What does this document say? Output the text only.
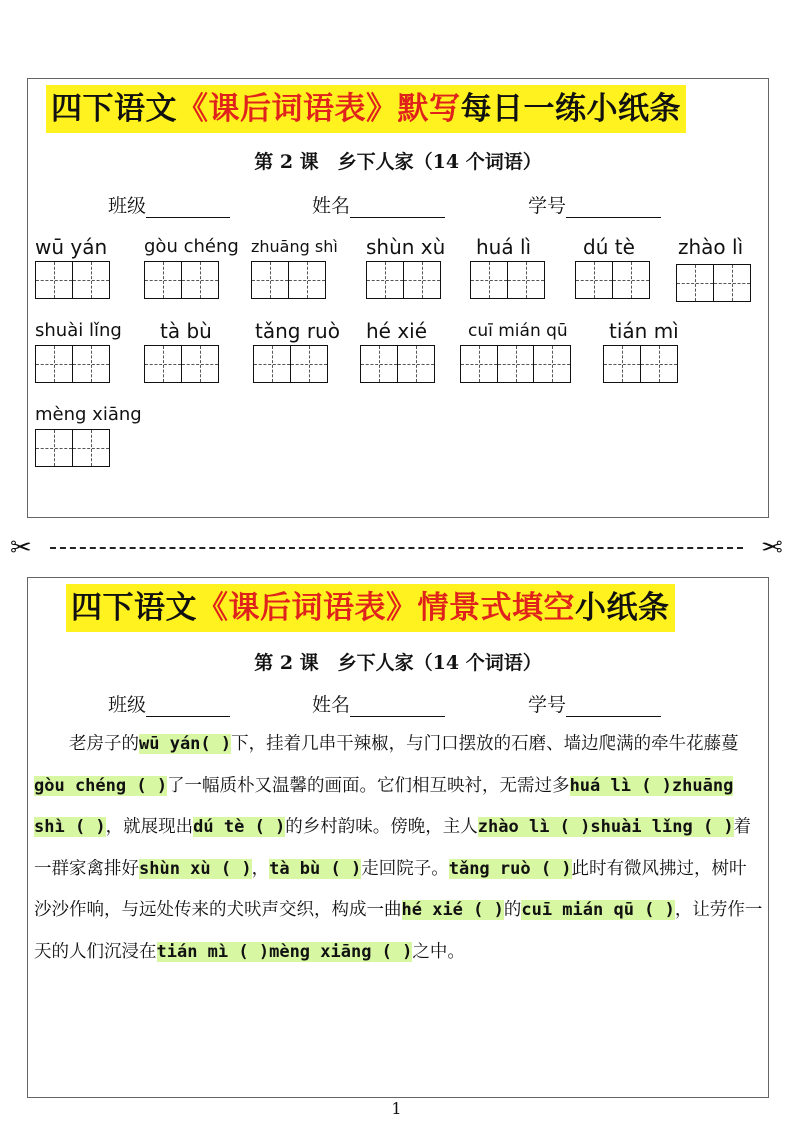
四下语文《课后词语表》默写每日一练小纸条
第 2 课　乡下人家（14 个词语）
班级	姓名	学号
wū yán gòu chéng zhuāng shì shùn xù	huá lì	dú tè	zhào lì
shuài lǐng	tà bù tǎng ruò	hé xié	cuī mián qū	tián mì
mèng xiāng
✂	✂
四下语文《课后词语表》情景式填空小纸条
第 2 课　乡下人家（14 个词语）
班级	姓名	学号
　　老房子的wū yán( )下，挂着几串干辣椒，与门口摆放的石磨、墙边爬满的牵牛花藤蔓gòu chéng ( )了一幅质朴又温馨的画面。它们相互映衬，无需过多huá lì ( )zhuāng shì ( )，就展现出dú tè ( )的乡村韵味。傍晚，主人zhào lì ( )shuài lǐng ( )着一群家禽排好shùn xù ( )，tà bù ( )走回院子。tǎng ruò ( )此时有微风拂过，树叶沙沙作响，与远处传来的犬吠声交织，构成一曲hé xié ( )的cuī mián qū ( )，让劳作一天的人们沉浸在tián mì ( )mèng xiāng ( )之中。
1
